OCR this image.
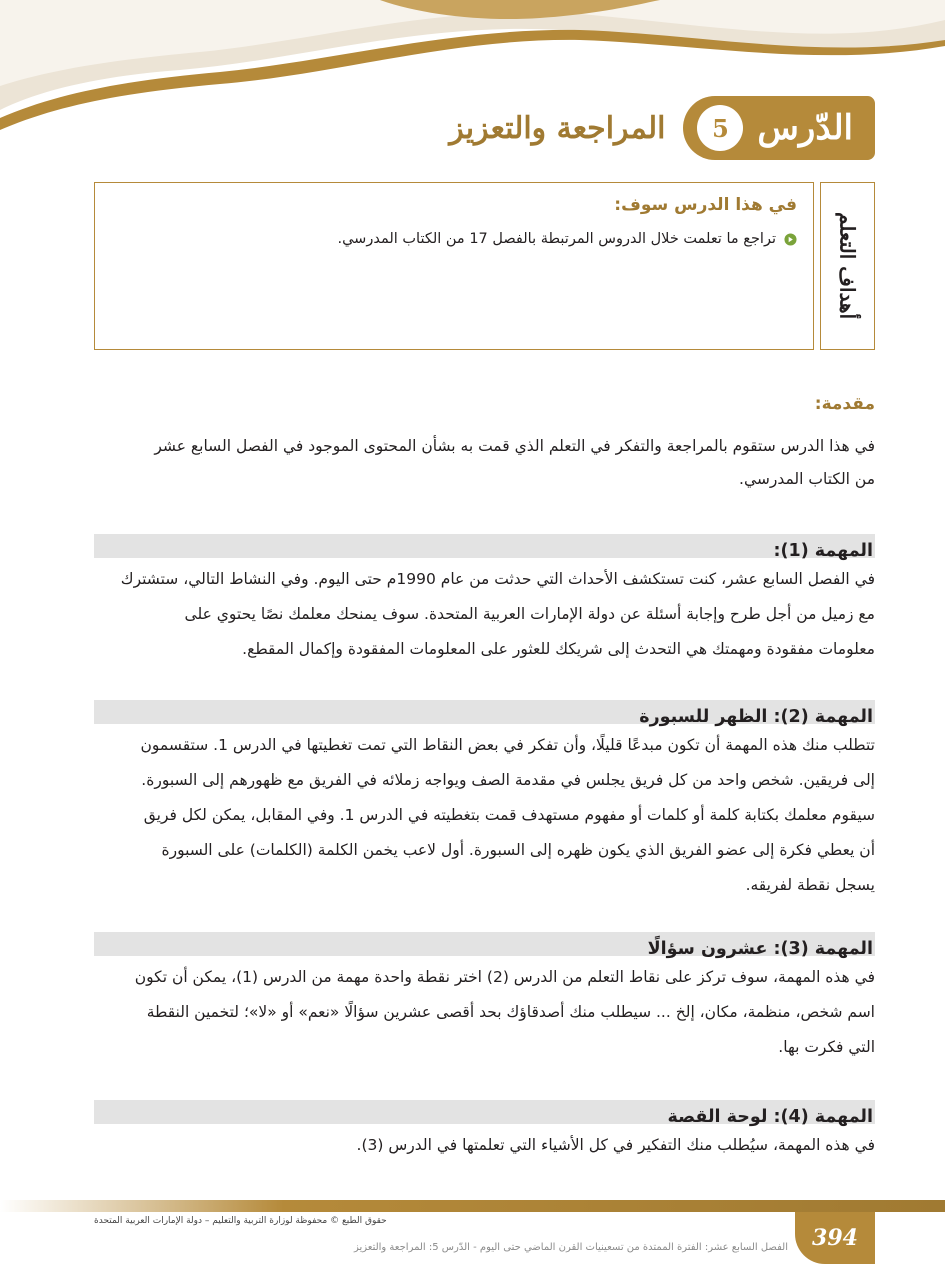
الدّرس
5
المراجعة والتعزيز
أهداف التعلم
في هذا الدرس سوف:
تراجع ما تعلمت خلال الدروس المرتبطة بالفصل 17 من الكتاب المدرسي.
مقدمة:
في هذا الدرس ستقوم بالمراجعة والتفكر في التعلم الذي قمت به بشأن المحتوى الموجود في الفصل السابع عشر
من الكتاب المدرسي.
المهمة (1):
في الفصل السابع عشر، كنت تستكشف الأحداث التي حدثت من عام 1990م حتى اليوم. وفي النشاط التالي، ستشترك
مع زميل من أجل طرح وإجابة أسئلة عن دولة الإمارات العربية المتحدة. سوف يمنحك معلمك نصًا يحتوي على
معلومات مفقودة ومهمتك هي التحدث إلى شريكك للعثور على المعلومات المفقودة وإكمال المقطع.
المهمة (2): الظهر للسبورة
تتطلب منك هذه المهمة أن تكون مبدعًا قليلًا، وأن تفكر في بعض النقاط التي تمت تغطيتها في الدرس 1. ستقسمون
إلى فريقين. شخص واحد من كل فريق يجلس في مقدمة الصف ويواجه زملائه في الفريق مع ظهورهم إلى السبورة.
سيقوم معلمك بكتابة كلمة أو كلمات أو مفهوم مستهدف قمت بتغطيته في الدرس 1. وفي المقابل، يمكن لكل فريق
أن يعطي فكرة إلى عضو الفريق الذي يكون ظهره إلى السبورة. أول لاعب يخمن الكلمة (الكلمات) على السبورة
يسجل نقطة لفريقه.
المهمة (3): عشرون سؤالًا
في هذه المهمة، سوف تركز على نقاط التعلم من الدرس (2) اختر نقطة واحدة مهمة من الدرس (1)، يمكن أن تكون
اسم شخص، منظمة، مكان، إلخ ... سيطلب منك أصدقاؤك بحد أقصى عشرين سؤالًا «نعم» أو «لا»؛ لتخمين النقطة
التي فكرت بها.
المهمة (4): لوحة القصة
في هذه المهمة، سيُطلب منك التفكير في كل الأشياء التي تعلمتها في الدرس (3).
حقوق الطبع © محفوظة لوزارة التربية والتعليم – دولة الإمارات العربية المتحدة
394
الفصل السابع عشر: الفترة الممتدة من تسعينيات القرن الماضي حتى اليوم - الدّرس 5: المراجعة والتعزيز
